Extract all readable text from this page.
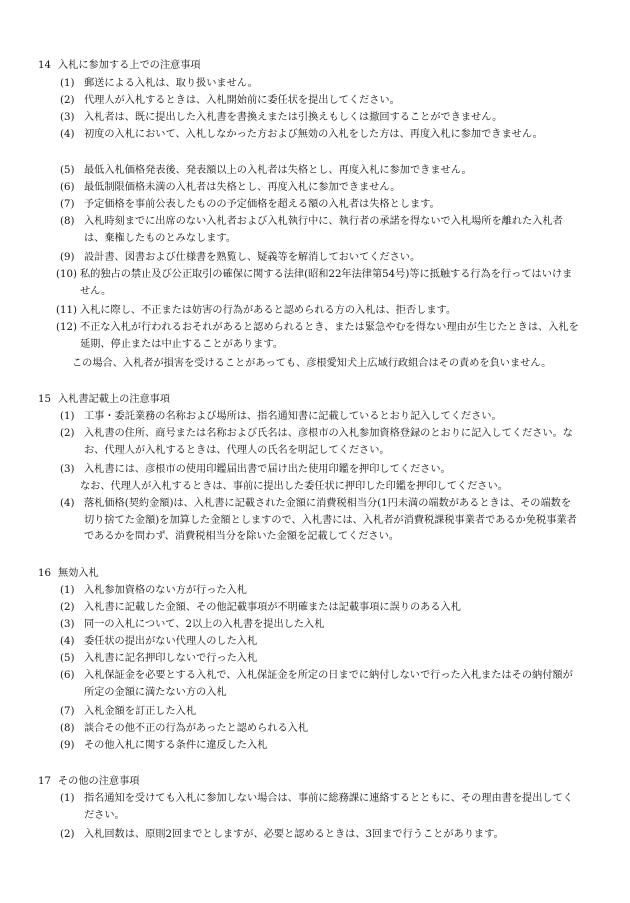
14 入札に参加する上での注意事項
(1) 郵送による入札は、取り扱いません。
(2) 代理人が入札するときは、入札開始前に委任状を提出してください。
(3) 入札者は、既に提出した入札書を書換えまたは引換えもしくは撤回することができません。
(4) 初度の入札において、入札しなかった方および無効の入札をした方は、再度入札に参加できません。
(5) 最低入札価格発表後、発表額以上の入札者は失格とし、再度入札に参加できません。
(6) 最低制限価格未満の入札者は失格とし、再度入札に参加できません。
(7) 予定価格を事前公表したものの予定価格を超える額の入札者は失格とします。
(8) 入札時刻までに出席のない入札者および入札執行中に、執行者の承諾を得ないで入札場所を離れた入札者は、棄権したものとみなします。
(9) 設計書、図書および仕様書を熟覧し、疑義等を解消しておいてください。
(10) 私的独占の禁止及び公正取引の確保に関する法律(昭和22年法律第54号)等に抵触する行為を行ってはいけません。
(11) 入札に際し、不正または妨害の行為があると認められる方の入札は、拒否します。
(12) 不正な入札が行われるおそれがあると認められるとき、または緊急やむを得ない理由が生じたときは、入札を延期、停止または中止することがあります。
この場合、入札者が損害を受けることがあっても、彦根愛知犬上広域行政組合はその責めを負いません。
15 入札書記載上の注意事項
(1) 工事・委託業務の名称および場所は、指名通知書に記載しているとおり記入してください。
(2) 入札書の住所、商号または名称および氏名は、彦根市の入札参加資格登録のとおりに記入してください。なお、代理人が入札するときは、代理人の氏名を明記してください。
(3) 入札書には、彦根市の使用印鑑届出書で届け出た使用印鑑を押印してください。
なお、代理人が入札するときは、事前に提出した委任状に押印した印鑑を押印してください。
(4) 落札価格(契約金額)は、入札書に記載された金額に消費税相当分(1円未満の端数があるときは、その端数を切り捨てた金額)を加算した金額としますので、入札書には、入札者が消費税課税事業者であるか免税事業者であるかを問わず、消費税相当分を除いた金額を記載してください。
16 無効入札
(1) 入札参加資格のない方が行った入札
(2) 入札書に記載した金額、その他記載事項が不明確または記載事項に誤りのある入札
(3) 同一の入札について、2以上の入札書を提出した入札
(4) 委任状の提出がない代理人のした入札
(5) 入札書に記名押印しないで行った入札
(6) 入札保証金を必要とする入札で、入札保証金を所定の日までに納付しないで行った入札またはその納付額が所定の金額に満たない方の入札
(7) 入札金額を訂正した入札
(8) 談合その他不正の行為があったと認められる入札
(9) その他入札に関する条件に違反した入札
17 その他の注意事項
(1) 指名通知を受けても入札に参加しない場合は、事前に総務課に連絡するとともに、その理由書を提出してください。
(2) 入札回数は、原則2回までとしますが、必要と認めるときは、3回まで行うことがあります。
